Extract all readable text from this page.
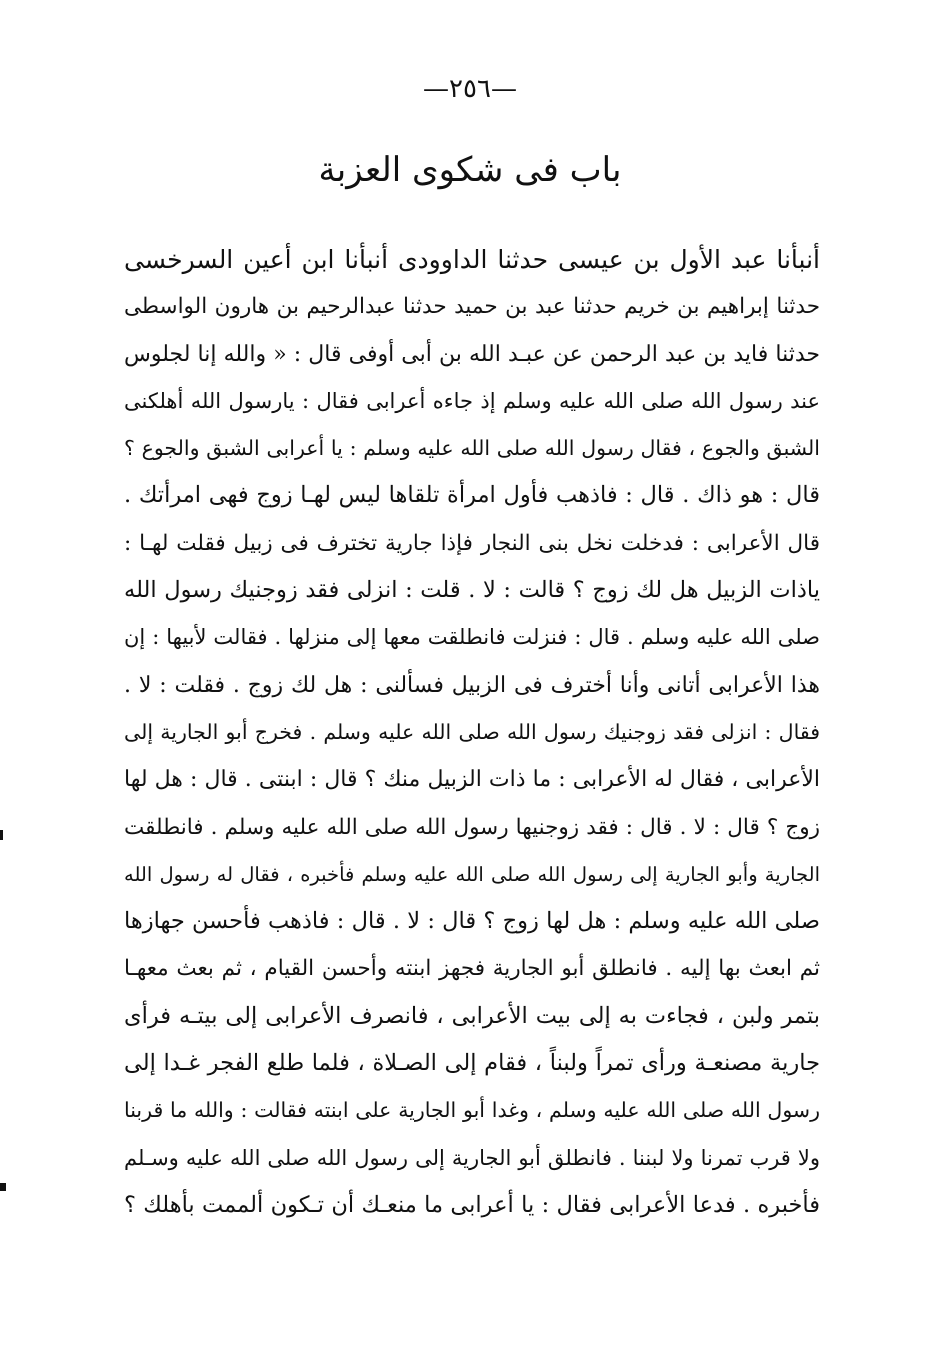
—٢٥٦—
باب فى شكوى العزبة
أنبأنا عبد الأول بن عيسى حدثنا الداوودى أنبأنا ابن أعين السرخسى
حدثنا إبراهيم بن خريم حدثنا عبد بن حميد حدثنا عبدالرحيم بن هارون الواسطى
حدثنا فايد بن عبد الرحمن عن عبـد الله بن أبى أوفى قال : « والله إنا لجلوس
عند رسول الله صلى الله عليه وسلم إذ جاءه أعرابى فقال : يارسول الله أهلكنى
الشبق والجوع ، فقال رسول الله صلى الله عليه وسلم : يا أعرابى الشبق والجوع ؟
قال : هو ذاك . قال : فاذهب فأول امرأة تلقاها ليس لهـا زوج فهى امرأتك .
قال الأعرابى : فدخلت نخل بنى النجار فإذا جارية تخترف فى زبيل فقلت لهـا :
ياذات الزبيل هل لك زوج ؟ قالت : لا . قلت : انزلى فقد زوجنيك رسول الله
صلى الله عليه وسلم . قال : فنزلت فانطلقت معها إلى منزلها . فقالت لأبيها : إن
هذا الأعرابى أتانى وأنا أخترف فى الزبيل فسألنى : هل لك زوج . فقلت : لا .
فقال : انزلى فقد زوجنيك رسول الله صلى الله عليه وسلم . فخرج أبو الجارية إلى
الأعرابى ، فقال له الأعرابى : ما ذات الزبيل منك ؟ قال : ابنتى . قال : هل لها
زوج ؟ قال : لا . قال : فقد زوجنيها رسول الله صلى الله عليه وسلم . فانطلقت
الجارية وأبو الجارية إلى رسول الله صلى الله عليه وسلم فأخبره ، فقال له رسول الله
صلى الله عليه وسلم : هل لها زوج ؟ قال : لا . قال : فاذهب فأحسن جهازها
ثم ابعث بها إليه . فانطلق أبو الجارية فجهز ابنته وأحسن القيام ، ثم بعث معهـا
بتمر ولبن ، فجاءت به إلى بيت الأعرابى ، فانصرف الأعرابى إلى بيتـه فرأى
جارية مصنعـة ورأى تمراً ولبناً ، فقام إلى الصـلاة ، فلما طلع الفجر غـدا إلى
رسول الله صلى الله عليه وسلم ، وغدا أبو الجارية على ابنته فقالت : والله ما قربنا
ولا قرب تمرنا ولا لبننا . فانطلق أبو الجارية إلى رسول الله صلى الله عليه وسـلم
فأخبره . فدعا الأعرابى فقال : يا أعرابى ما منعـك أن تـكون ألممت بأهلك ؟
